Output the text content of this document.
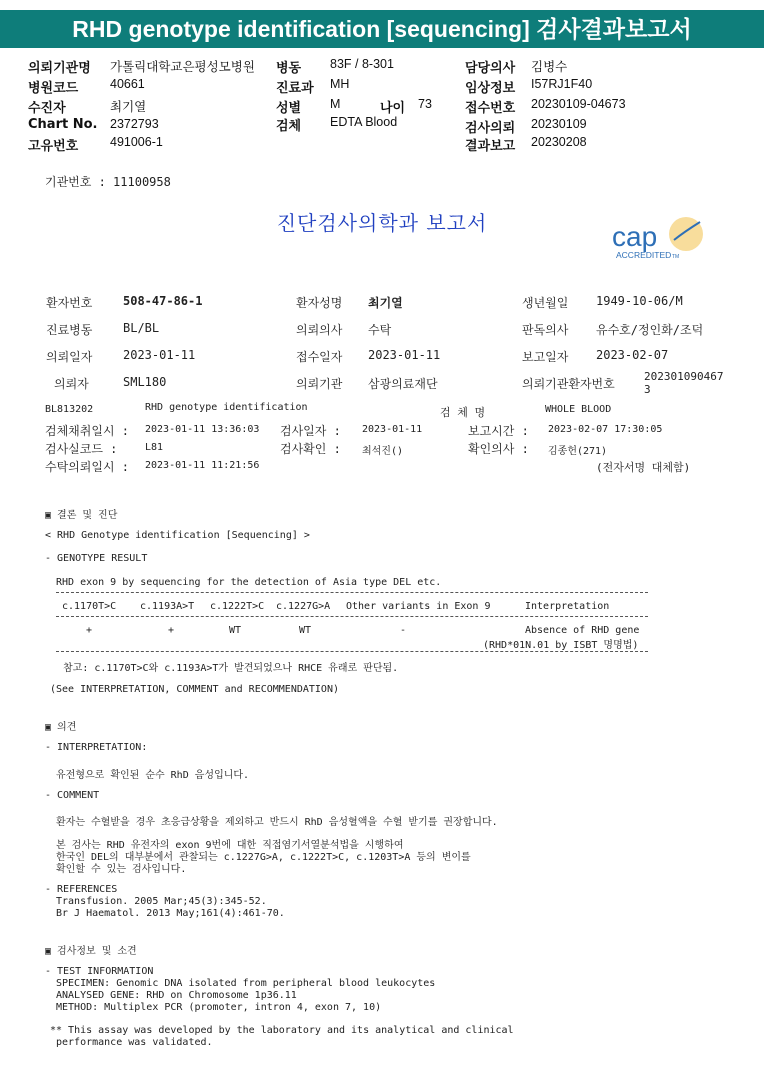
RHD genotype identification [sequencing] 검사결과보고서
의뢰기관명 가톨릭대학교은평성모병원
병원코드	40661
수진자	최기열
Chart No. 2372793
고유번호	491006-1
병동 83F / 8-301
진료과 MH
성별 M	나이 73
검체 EDTA Blood
담당의사 김병수
임상정보 I57RJ1F40
접수번호 20230109-04673
검사의뢰 20230109
결과보고 20230208
기관번호 : 11100958
진단검사의학과 보고서	cap
ACCREDITED TM
환자번호	508-47-86-1	환자성명 최기열	생년월일 1949-10-06/M
진료병동	BL/BL	의뢰의사 수탁	판독의사 유수호/정인화/조덕
의뢰일자	2023-01-11	접수일자 2023-01-11	보고일자 2023-02-07
의뢰자	SML180	의뢰기관 삼광의료재단	의뢰기관환자번호
202301090467
3
BL813202	RHD genotype identification	검 체 명	WHOLE BLOOD
검체채취일시 : 2023-01-11 13:36:03 검사일자 : 2023-01-11	보고시간 : 2023-02-07 17:30:05
검사실코드 :	L81	검사확인 : 최석진()	확인의사 : 김종헌(271)
수탁의뢰일시 : 2023-01-11 11:21:56	(전자서명 대체함)
▣ 결론 및 진단
< RHD Genotype identification [Sequencing] >
- GENOTYPE RESULT
RHD exon 9 by sequencing for the detection of Asia type DEL etc.
c.1170T>C c.1193A>T c.1222T>C c.1227G>A Other variants in Exon 9	Interpretation
+	+	WT	WT	-	Absence of RHD gene
(RHD*01N.01 by ISBT 명명법)
참고: c.1170T>C와 c.1193A>T가 발견되었으나 RHCE 유래로 판단됨.
(See INTERPRETATION, COMMENT and RECOMMENDATION)
▣ 의견
- INTERPRETATION:
유전형으로 확인된 순수 RhD 음성입니다.
- COMMENT
환자는 수혈받을 경우 초응급상황을 제외하고 반드시 RhD 음성혈액을 수혈 받기를 권장합니다.
본 검사는 RHD 유전자의 exon 9번에 대한 직접염기서열분석법을 시행하여
한국인 DEL의 대부분에서 관찰되는 c.1227G>A, c.1222T>C, c.1203T>A 등의 변이를
확인할 수 있는 검사입니다.
- REFERENCES
Transfusion. 2005 Mar;45(3):345-52.
Br J Haematol. 2013 May;161(4):461-70.
▣ 검사정보 및 소견
- TEST INFORMATION
SPECIMEN: Genomic DNA isolated from peripheral blood leukocytes
ANALYSED GENE: RHD on Chromosome 1p36.11
METHOD: Multiplex PCR (promoter, intron 4, exon 7, 10)
** This assay was developed by the laboratory and its analytical and clinical
performance was validated.
